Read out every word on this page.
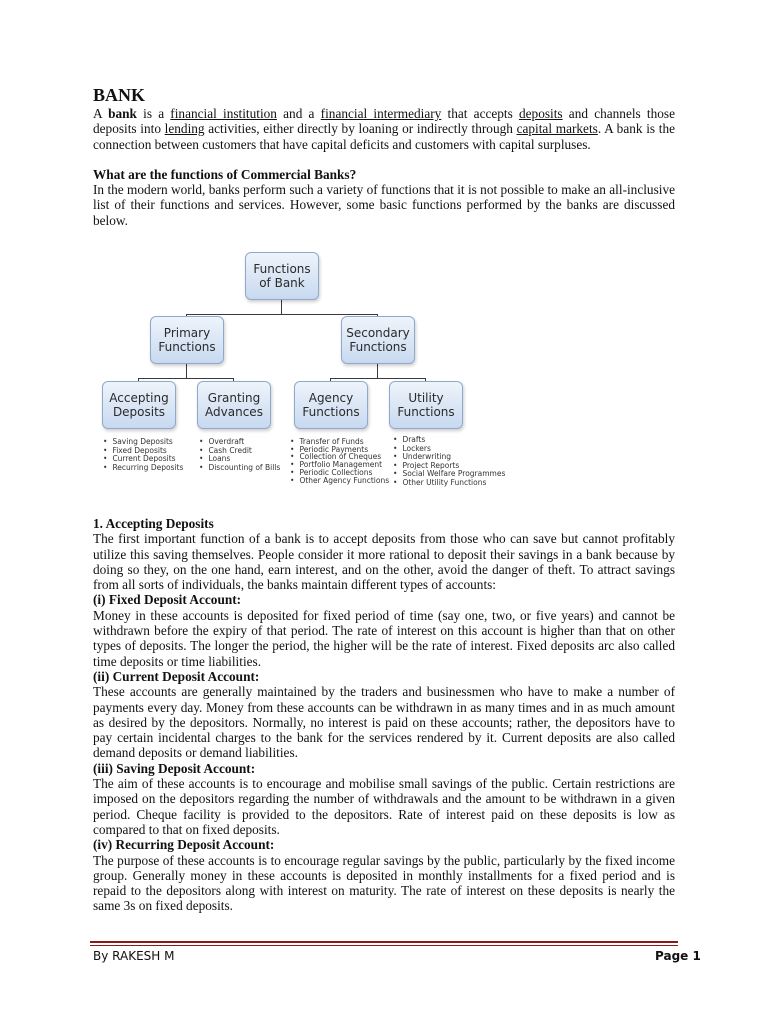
BANK

A bank is a financial institution and a financial intermediary that accepts deposits and channels those deposits into lending activities, either directly by loaning or indirectly through capital markets. A bank is the connection between customers that have capital deficits and customers with capital surpluses.

What are the functions of Commercial Banks?

In the modern world, banks perform such a variety of functions that it is not possible to make an all-inclusive list of their functions and services. However, some basic functions performed by the banks are discussed below.

Functions
of Bank
Primary
Functions
Secondary
Functions
Accepting
Deposits
Granting
Advances
Agency
Functions
Utility
Functions
• Saving Deposits
• Fixed Deposits
• Current Deposits
• Recurring Deposits
• Overdraft
• Cash Credit
• Loans
• Discounting of Bills
• Transfer of Funds
• Periodic Payments
• Collection of Cheques
• Portfolio Management
• Periodic Collections
• Other Agency Functions
• Drafts
• Lockers
• Underwriting
• Project Reports
• Social Welfare Programmes
• Other Utility Functions
1. Accepting Deposits

The first important function of a bank is to accept deposits from those who can save but cannot profitably utilize this saving themselves. People consider it more rational to deposit their savings in a bank because by doing so they, on the one hand, earn interest, and on the other, avoid the danger of theft. To attract savings from all sorts of individuals, the banks maintain different types of accounts:

(i) Fixed Deposit Account:

Money in these accounts is deposited for fixed period of time (say one, two, or five years) and cannot be withdrawn before the expiry of that period. The rate of interest on this account is higher than that on other types of deposits. The longer the period, the higher will be the rate of interest. Fixed deposits arc also called time deposits or time liabilities.

(ii) Current Deposit Account:

These accounts are generally maintained by the traders and businessmen who have to make a number of payments every day. Money from these accounts can be withdrawn in as many times and in as much amount as desired by the depositors. Normally, no interest is paid on these accounts; rather, the depositors have to pay certain incidental charges to the bank for the services rendered by it. Current deposits are also called demand deposits or demand liabilities.

(iii) Saving Deposit Account:

The aim of these accounts is to encourage and mobilise small savings of the public. Certain restrictions are imposed on the depositors regarding the number of withdrawals and the amount to be withdrawn in a given period. Cheque facility is provided to the depositors. Rate of interest paid on these deposits is low as compared to that on fixed deposits.

(iv) Recurring Deposit Account:

The purpose of these accounts is to encourage regular savings by the public, particularly by the fixed income group. Generally money in these accounts is deposited in monthly installments for a fixed period and is repaid to the depositors along with interest on maturity. The rate of interest on these deposits is nearly the same 3s on fixed deposits.

By RAKESH M	Page 1
